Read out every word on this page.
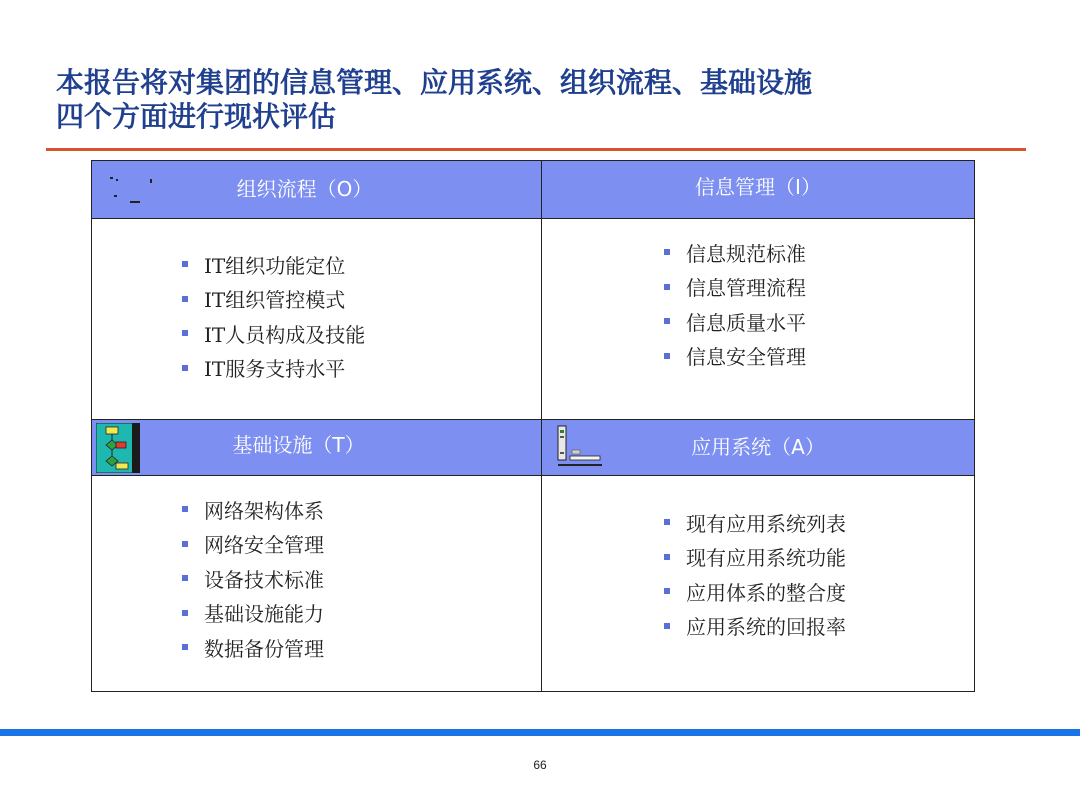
本报告将对集团的信息管理、应用系统、组织流程、基础设施
四个方面进行现状评估
组织流程（O）
IT组织功能定位
IT组织管控模式
IT人员构成及技能
IT服务支持水平
信息管理（I）
信息规范标准
信息管理流程
信息质量水平
信息安全管理
基础设施（T）
网络架构体系
网络安全管理
设备技术标准
基础设施能力
数据备份管理
应用系统（A）
现有应用系统列表
现有应用系统功能
应用体系的整合度
应用系统的回报率
66
